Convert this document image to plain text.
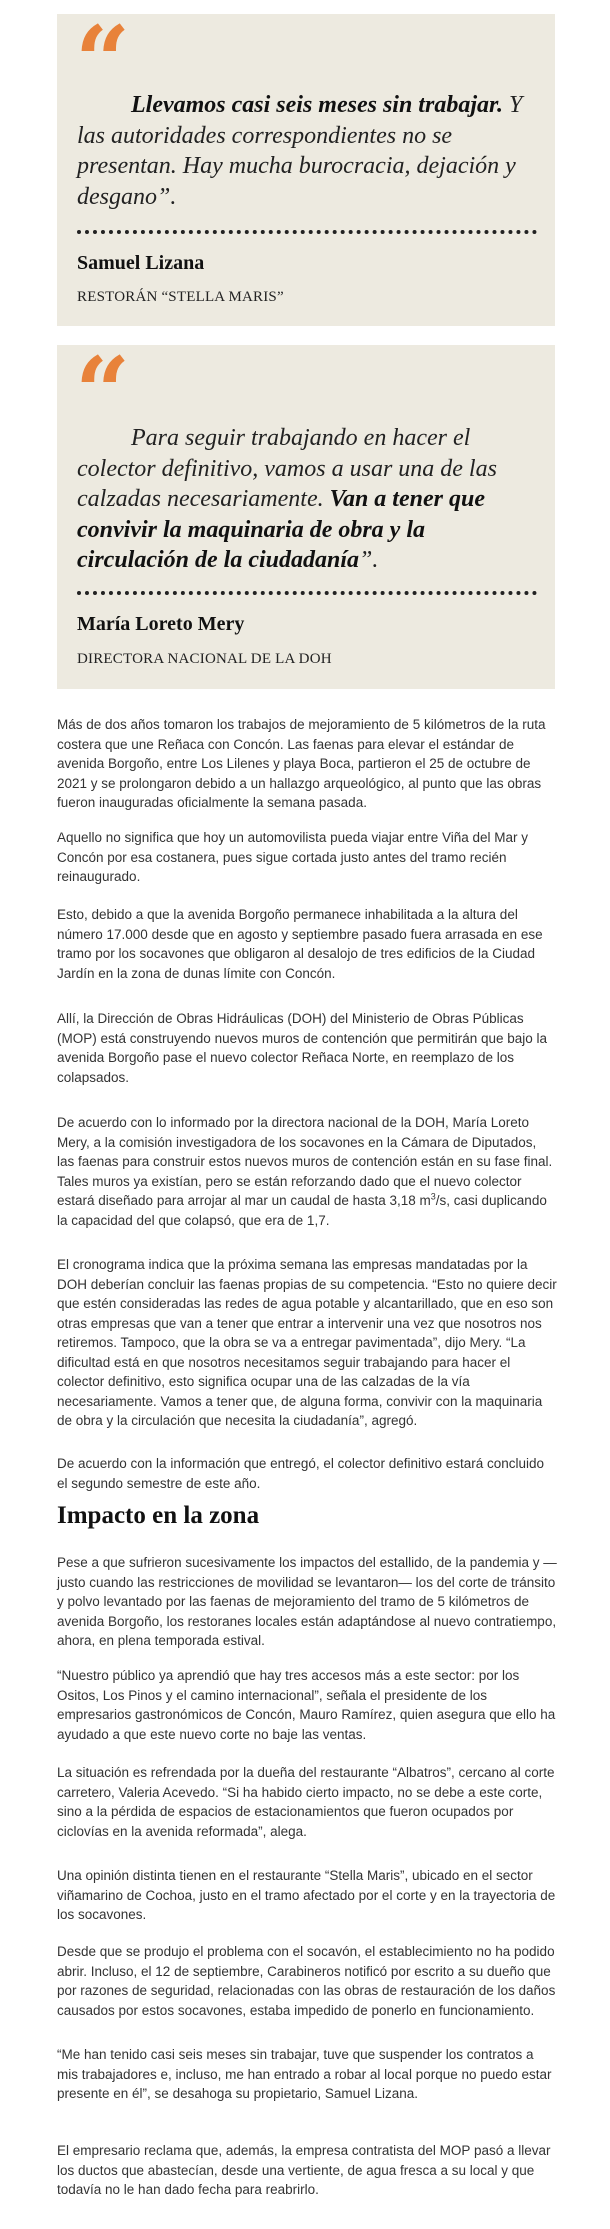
“ Llevamos casi seis meses sin trabajar. Y las autoridades correspondientes no se presentan. Hay mucha burocracia, dejación y desgano”.

Samuel Lizana

RESTORÁN “STELLA MARIS”

“ Para seguir trabajando en hacer el colector definitivo, vamos a usar una de las calzadas necesariamente. Van a tener que convivir la maquinaria de obra y la circulación de la ciudadanía”.

María Loreto Mery

DIRECTORA NACIONAL DE LA DOH

Más de dos años tomaron los trabajos de mejoramiento de 5 kilómetros de la ruta costera que une Reñaca con Concón. Las faenas para elevar el estándar de avenida Borgoño, entre Los Lilenes y playa Boca, partieron el 25 de octubre de 2021 y se prolongaron debido a un hallazgo arqueológico, al punto que las obras fueron inauguradas oficialmente la semana pasada.

Aquello no significa que hoy un automovilista pueda viajar entre Viña del Mar y Concón por esa costanera, pues sigue cortada justo antes del tramo recién reinaugurado.

Esto, debido a que la avenida Borgoño permanece inhabilitada a la altura del número 17.000 desde que en agosto y septiembre pasado fuera arrasada en ese tramo por los socavones que obligaron al desalojo de tres edificios de la Ciudad Jardín en la zona de dunas límite con Concón.

Allí, la Dirección de Obras Hidráulicas (DOH) del Ministerio de Obras Públicas (MOP) está construyendo nuevos muros de contención que permitirán que bajo la avenida Borgoño pase el nuevo colector Reñaca Norte, en reemplazo de los colapsados.

De acuerdo con lo informado por la directora nacional de la DOH, María Loreto Mery, a la comisión investigadora de los socavones en la Cámara de Diputados, las faenas para construir estos nuevos muros de contención están en su fase final. Tales muros ya existían, pero se están reforzando dado que el nuevo colector estará diseñado para arrojar al mar un caudal de hasta 3,18 $m^3/s$, casi duplicando la capacidad del que colapsó, que era de 1,7.

El cronograma indica que la próxima semana las empresas mandatadas por la DOH deberían concluir las faenas propias de su competencia. “Esto no quiere decir que estén consideradas las redes de agua potable y alcantarillado, que en eso son otras empresas que van a tener que entrar a intervenir una vez que nosotros nos retiremos. Tampoco, que la obra se va a entregar pavimentada”, dijo Mery. “La dificultad está en que nosotros necesitamos seguir trabajando para hacer el colector definitivo, esto significa ocupar una de las calzadas de la vía necesariamente. Vamos a tener que, de alguna forma, convivir con la maquinaria de obra y la circulación que necesita la ciudadanía”, agregó.

De acuerdo con la información que entregó, el colector definitivo estará concluido el segundo semestre de este año.

Impacto en la zona

Pese a que sufrieron sucesivamente los impactos del estallido, de la pandemia y —justo cuando las restricciones de movilidad se levantaron— los del corte de tránsito y polvo levantado por las faenas de mejoramiento del tramo de 5 kilómetros de avenida Borgoño, los restoranes locales están adaptándose al nuevo contratiempo, ahora, en plena temporada estival.

“Nuestro público ya aprendió que hay tres accesos más a este sector: por los Ositos, Los Pinos y el camino internacional”, señala el presidente de los empresarios gastronómicos de Concón, Mauro Ramírez, quien asegura que ello ha ayudado a que este nuevo corte no baje las ventas.

La situación es refrendada por la dueña del restaurante “Albatros”, cercano al corte carretero, Valeria Acevedo. “Si ha habido cierto impacto, no se debe a este corte, sino a la pérdida de espacios de estacionamientos que fueron ocupados por ciclovías en la avenida reformada”, alega.

Una opinión distinta tienen en el restaurante “Stella Maris”, ubicado en el sector viñamarino de Cochoa, justo en el tramo afectado por el corte y en la trayectoria de los socavones.

Desde que se produjo el problema con el socavón, el establecimiento no ha podido abrir. Incluso, el 12 de septiembre, Carabineros notificó por escrito a su dueño que por razones de seguridad, relacionadas con las obras de restauración de los daños causados por estos socavones, estaba impedido de ponerlo en funcionamiento.

“Me han tenido casi seis meses sin trabajar, tuve que suspender los contratos a mis trabajadores e, incluso, me han entrado a robar al local porque no puedo estar presente en él”, se desahoga su propietario, Samuel Lizana.

El empresario reclama que, además, la empresa contratista del MOP pasó a llevar los ductos que abastecían, desde una vertiente, de agua fresca a su local y que todavía no le han dado fecha para reabrirlo.
